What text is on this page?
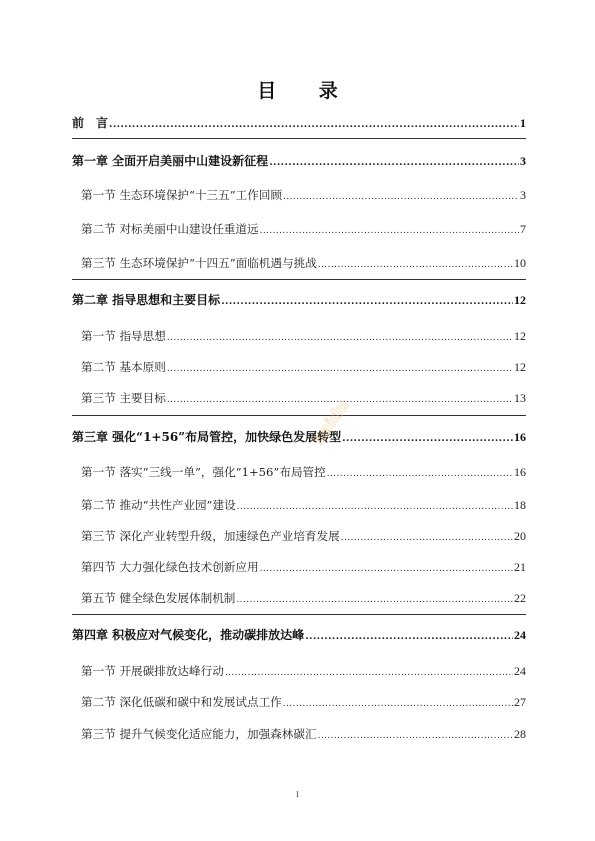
目 录
前　言 .....	1
第一章 全面开启美丽中山建设新征程 .....	3
第一节 生态环境保护“十三五”工作回顾 .....	3
第二节 对标美丽中山建设任重道远 .....	7
第三节 生态环境保护“十四五”面临机遇与挑战 .....	10
第二章 指导思想和主要目标 .....	12
第一节 指导思想 .....	12
第二节 基本原则 .....	12
第三节 主要目标 .....	13
第三章 强化“1+56”布局管控，加快绿色发展转型 .....	16
第一节 落实“三线一单”，强化“1+56”布局管控 .....	16
第二节 推动“共性产业园”建设 .....	18
第三节 深化产业转型升级，加速绿色产业培育发展 .....	20
第四节 大力强化绿色技术创新应用 .....	21
第五节 健全绿色发展体制机制 .....	22
第四章 积极应对气候变化，推动碳排放达峰 .....	24
第一节 开展碳排放达峰行动 .....	24
第二节 深化低碳和碳中和发展试点工作 .....	27
第三节 提升气候变化适应能力，加强森林碳汇 .....	28
baidu
I
